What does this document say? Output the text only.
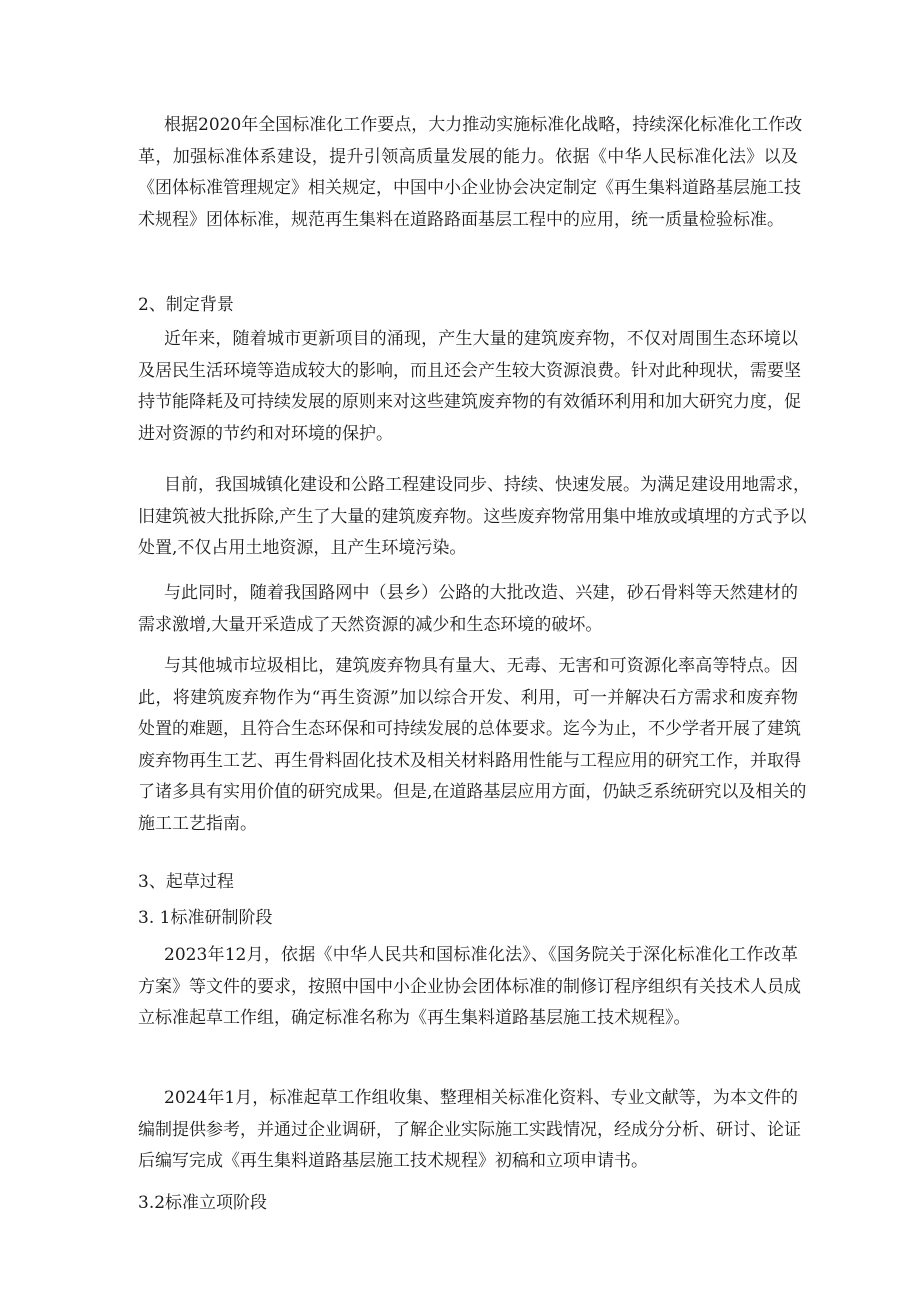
根据2020年全国标准化工作要点，大力推动实施标准化战略，持续深化标准化工作改
革，加强标准体系建设，提升引领高质量发展的能力。依据《中华人民标准化法》以及
《团体标准管理规定》相关规定，中国中小企业协会决定制定《再生集料道路基层施工技
术规程》团体标准，规范再生集料在道路路面基层工程中的应用，统一质量检验标准。
2、制定背景
近年来，随着城市更新项目的涌现，产生大量的建筑废弃物，不仅对周围生态环境以
及居民生活环境等造成较大的影响，而且还会产生较大资源浪费。针对此种现状，需要坚
持节能降耗及可持续发展的原则来对这些建筑废弃物的有效循环利用和加大研究力度，促
进对资源的节约和对环境的保护。
目前，我国城镇化建设和公路工程建设同步、持续、快速发展。为满足建设用地需求，
旧建筑被大批拆除,产生了大量的建筑废弃物。这些废弃物常用集中堆放或填埋的方式予以
处置,不仅占用土地资源，且产生环境污染。
与此同时，随着我国路网中（县乡）公路的大批改造、兴建，砂石骨料等天然建材的
需求激增,大量开采造成了天然资源的减少和生态环境的破坏。
与其他城市垃圾相比，建筑废弃物具有量大、无毒、无害和可资源化率高等特点。因
此，将建筑废弃物作为“再生资源”加以综合开发、利用，可一并解决石方需求和废弃物
处置的难题，且符合生态环保和可持续发展的总体要求。迄今为止，不少学者开展了建筑
废弃物再生工艺、再生骨料固化技术及相关材料路用性能与工程应用的研究工作，并取得
了诸多具有实用价值的研究成果。但是,在道路基层应用方面，仍缺乏系统研究以及相关的
施工工艺指南。
3、起草过程
3. 1标准研制阶段
2023年12月，依据《中华人民共和国标准化法》、《国务院关于深化标准化工作改革
方案》等文件的要求，按照中国中小企业协会团体标准的制修订程序组织有关技术人员成
立标准起草工作组，确定标准名称为《再生集料道路基层施工技术规程》。
2024年1月，标准起草工作组收集、整理相关标准化资料、专业文献等，为本文件的
编制提供参考，并通过企业调研，了解企业实际施工实践情况，经成分分析、研讨、论证
后编写完成《再生集料道路基层施工技术规程》初稿和立项申请书。
3.2标准立项阶段
